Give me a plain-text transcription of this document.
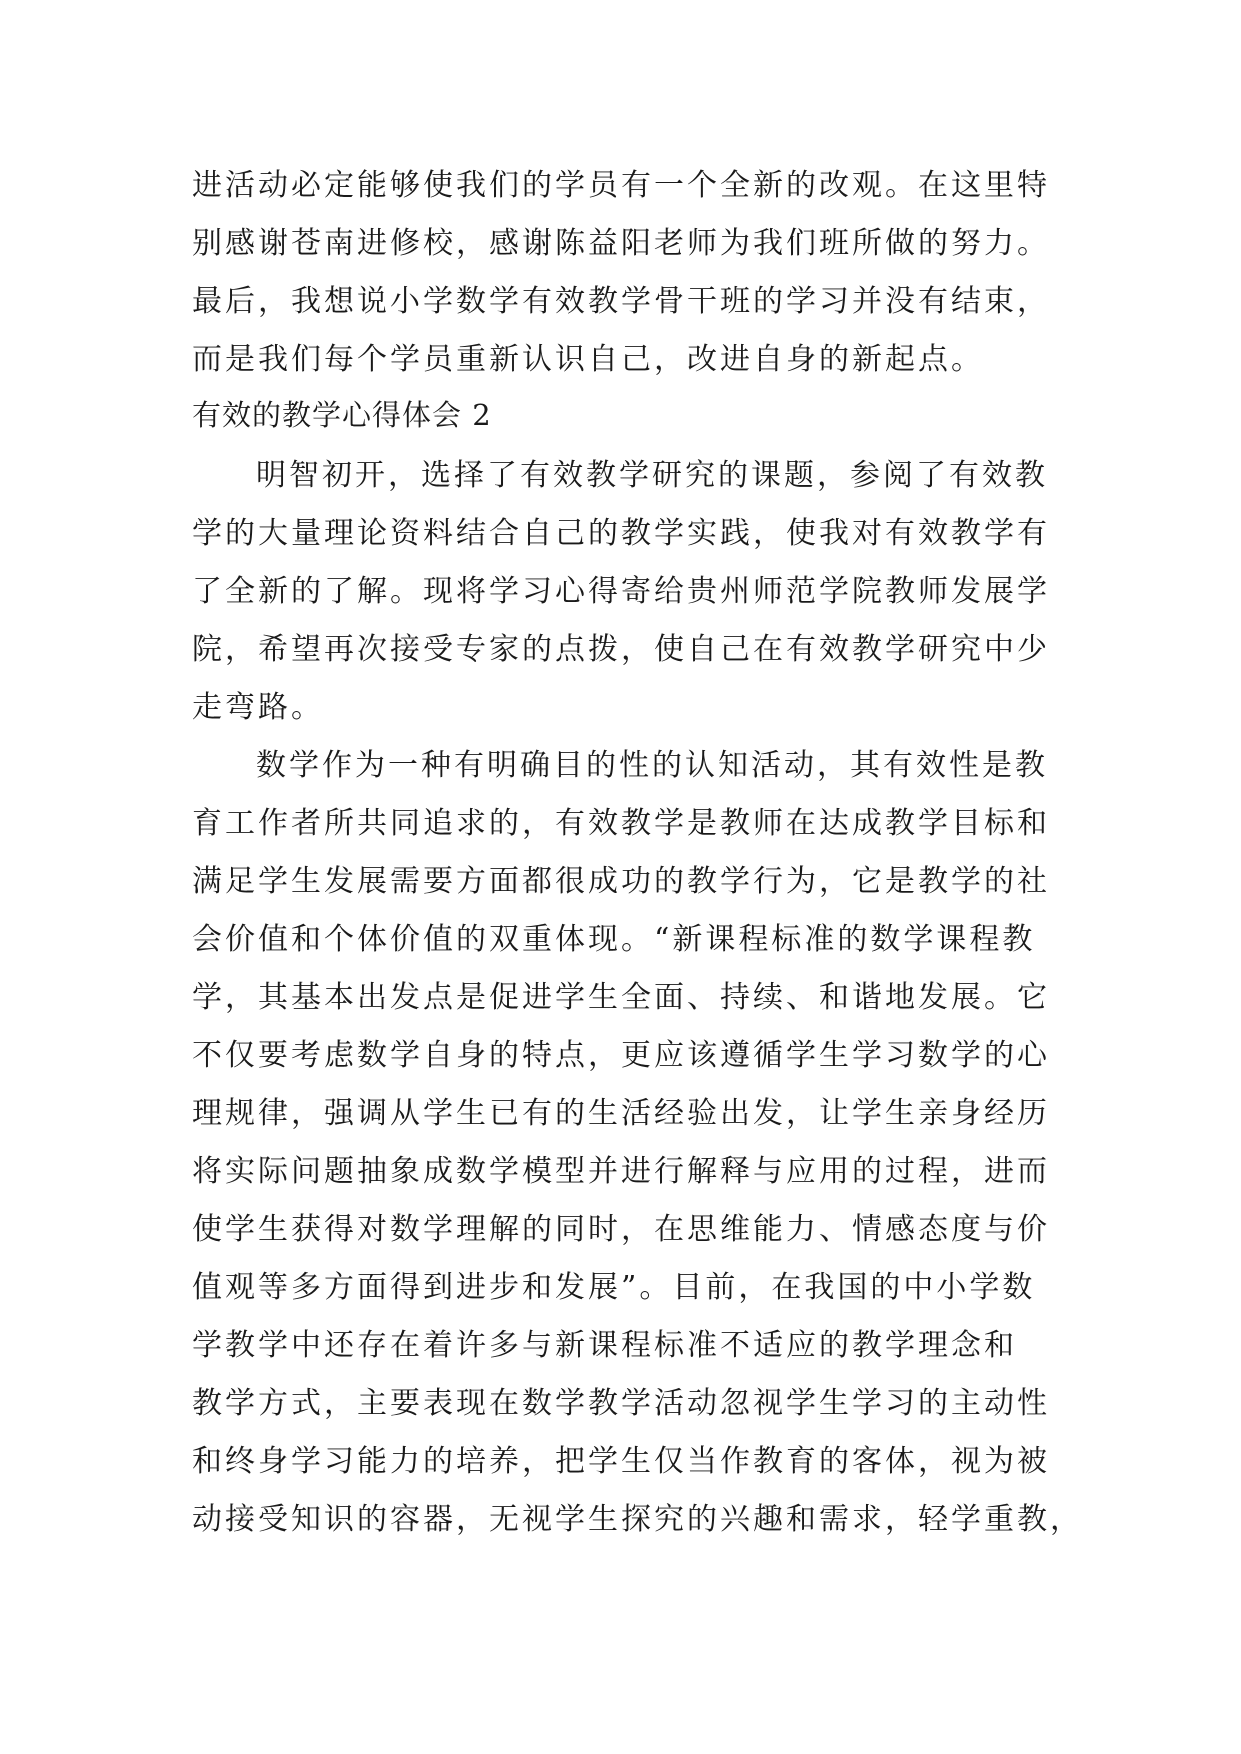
进活动必定能够使我们的学员有一个全新的改观。在这里特
别感谢苍南进修校，感谢陈益阳老师为我们班所做的努力。
最后，我想说小学数学有效教学骨干班的学习并没有结束，
而是我们每个学员重新认识自己，改进自身的新起点。
有效的教学心得体会 2
明智初开，选择了有效教学研究的课题，参阅了有效教
学的大量理论资料结合自己的教学实践，使我对有效教学有
了全新的了解。现将学习心得寄给贵州师范学院教师发展学
院，希望再次接受专家的点拨，使自己在有效教学研究中少
走弯路。
数学作为一种有明确目的性的认知活动，其有效性是教
育工作者所共同追求的，有效教学是教师在达成教学目标和
满足学生发展需要方面都很成功的教学行为，它是教学的社
会价值和个体价值的双重体现。“新课程标准的数学课程教
学，其基本出发点是促进学生全面、持续、和谐地发展。它
不仅要考虑数学自身的特点，更应该遵循学生学习数学的心
理规律，强调从学生已有的生活经验出发，让学生亲身经历
将实际问题抽象成数学模型并进行解释与应用的过程，进而
使学生获得对数学理解的同时，在思维能力、情感态度与价
值观等多方面得到进步和发展”。目前，在我国的中小学数
学教学中还存在着许多与新课程标准不适应的教学理念和
教学方式，主要表现在数学教学活动忽视学生学习的主动性
和终身学习能力的培养，把学生仅当作教育的客体，视为被
动接受知识的容器，无视学生探究的兴趣和需求，轻学重教，
